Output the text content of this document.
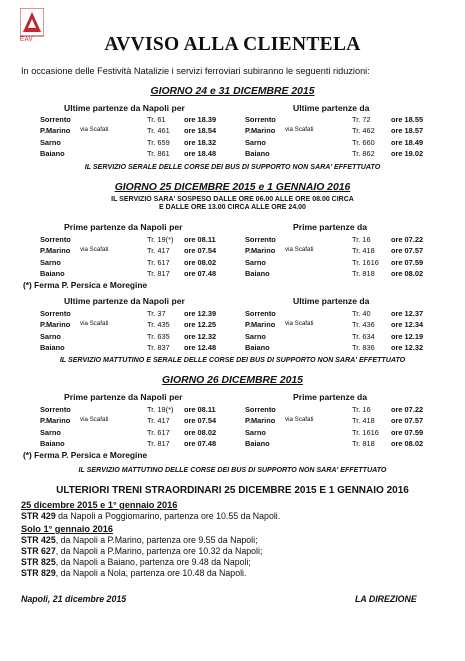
EAV	AVVISO ALLA CLIENTELA
In occasione delle Festività Natalizie i servizi ferroviari subiranno le seguenti riduzioni:
GIORNO 24 e 31 DICEMBRE 2015
Ultime partenze da Napoli per	Ultime partenze da
Sorrento	Tr. 61 ore 18.39	Sorrento	Tr. 72	ore 18.55
P.Marino via Scafati	Tr. 461 ore 18.54	P.Marino via Scafati	Tr. 462 ore 18.57
Sarno	Tr. 659 ore 18.32	Sarno	Tr. 660 ore 18.49
Baiano	Tr. 861 ore 18.48	Baiano	Tr. 862 ore 19.02
IL SERVIZIO SERALE DELLE CORSE DEI BUS DI SUPPORTO NON SARA' EFFETTUATO
GIORNO 25 DICEMBRE 2015 e 1 GENNAIO 2016
IL SERVIZIO SARA' SOSPESO DALLE ORE 06.00 ALLE ORE 08.00 CIRCA
E DALLE ORE 13.00 CIRCA ALLE ORE 24.00
Prime partenze da Napoli per	Prime partenze da
Sorrento	Tr. 19(*) ore 08.11	Sorrento	Tr. 16	ore 07.22
P.Marino via Scafati	Tr. 417 ore 07.54	P.Marino via Scafati	Tr. 418 ore 07.57
Sarno	Tr. 617 ore 08.02	Sarno	Tr. 1616 ore 07.59
Baiano	Tr. 817 ore 07.48	Baiano	Tr. 818 ore 08.02
(*) Ferma P. Persica e Moregine
Ultime partenze da Napoli per	Ultime partenze da
Sorrento	Tr. 37 ore 12.39	Sorrento	Tr. 40	ore 12.37
P.Marino via Scafati	Tr. 435 ore 12.25	P.Marino via Scafati	Tr. 436 ore 12.34
Sarno	Tr. 635 ore 12.32	Sarno	Tr. 634 ore 12.19
Baiano	Tr. 837 ore 12.48	Baiano	Tr. 836 ore 12.32
IL SERVIZIO MATTUTINO E SERALE DELLE CORSE DEI BUS DI SUPPORTO NON SARA' EFFETTUATO
GIORNO 26 DICEMBRE 2015
Prime partenze da Napoli per	Prime partenze da
Sorrento	Tr. 19(*) ore 08.11	Sorrento	Tr. 16	ore 07.22
P.Marino via Scafati	Tr. 417 ore 07.54	P.Marino via Scafati	Tr. 418 ore 07.57
Sarno	Tr. 617 ore 08.02	Sarno	Tr. 1616 ore 07.59
Baiano	Tr. 817 ore 07.48	Baiano	Tr. 818 ore 08.02
(*) Ferma P. Persica e Moregine
IL SERVIZIO MATTUTINO DELLE CORSE DEI BUS DI SUPPORTO NON SARA' EFFETTUATO
ULTERIORI TRENI STRAORDINARI 25 DICEMBRE 2015 E 1 GENNAIO 2016
25 dicembre 2015 e 1° gennaio 2016
STR 429 da Napoli a Poggiomarino, partenza ore 10.55 da Napoli.
Solo 1° gennaio 2016
STR 425, da Napoli a P.Marino, partenza ore 9.55 da Napoli;
STR 627, da Napoli a P.Marino, partenza ore 10.32 da Napoli;
STR 825, da Napoli a Baiano, partenza ore 9.48 da Napoli;
STR 829, da Napoli a Nola, partenza ore 10.48 da Napoli.
Napoli, 21 dicembre 2015	LA DIREZIONE
